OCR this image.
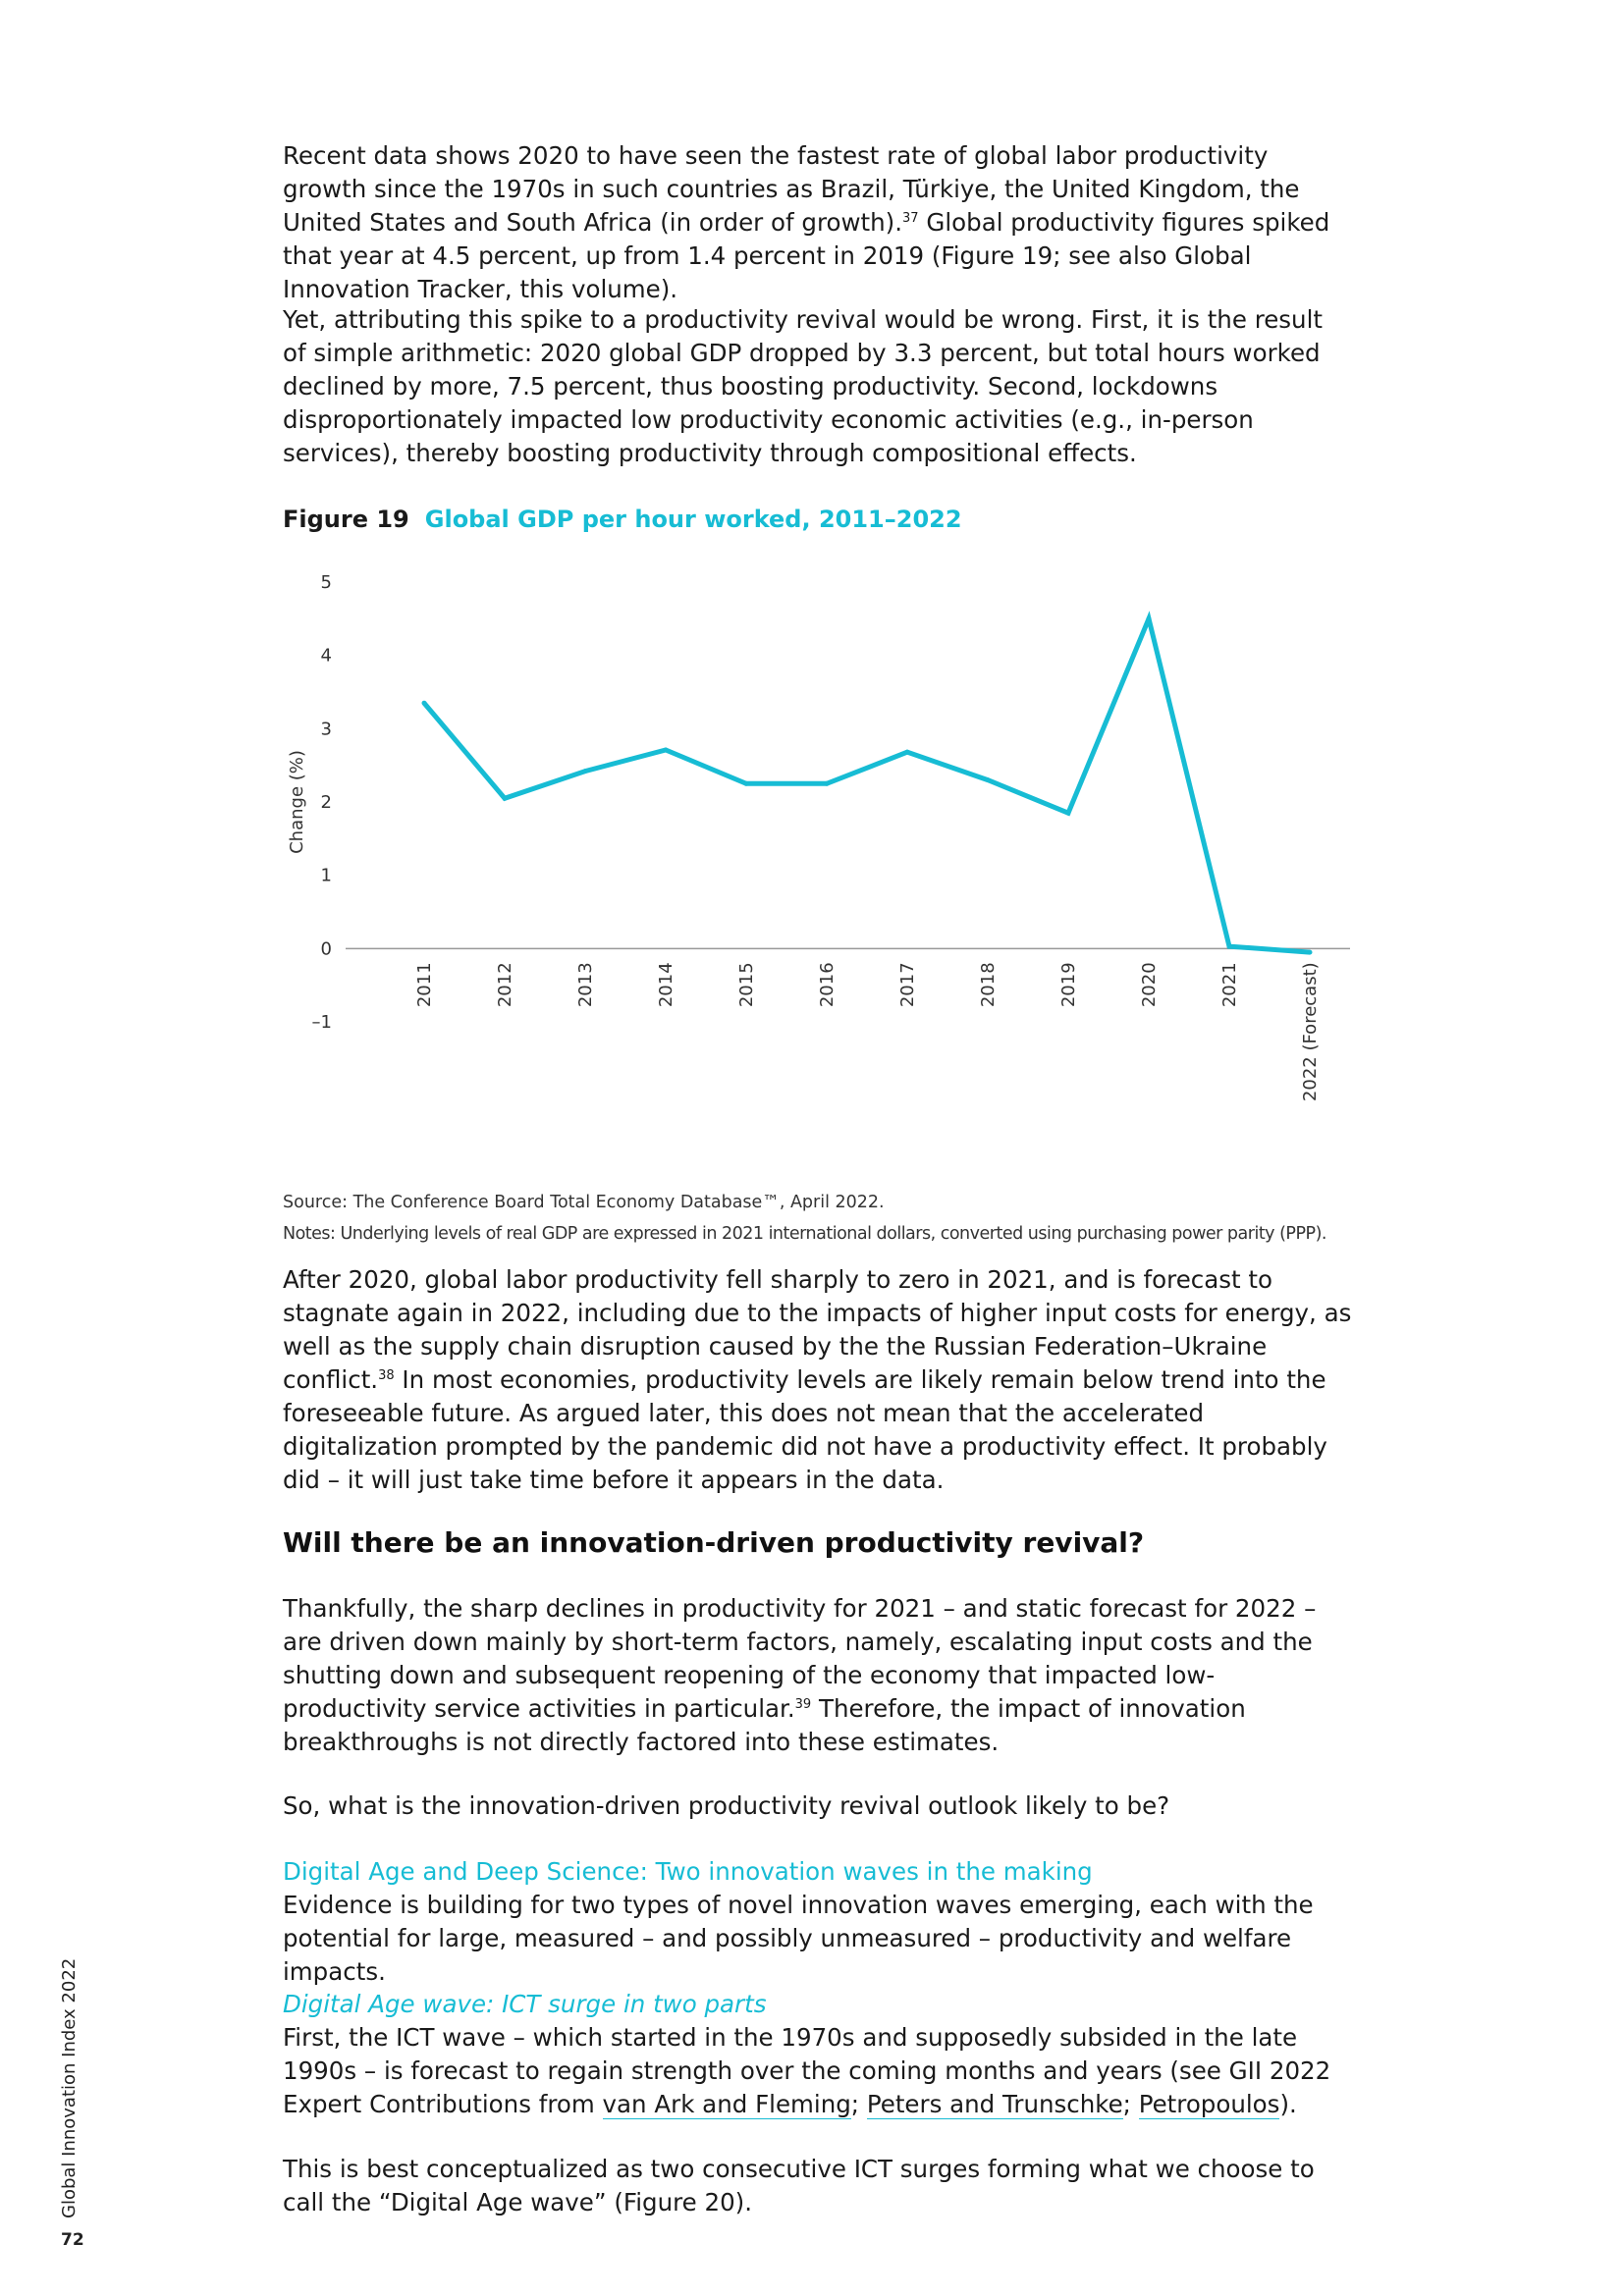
Recent data shows 2020 to have seen the fastest rate of global labor productivity growth since the 1970s in such countries as Brazil, Türkiye, the United Kingdom, the United States and South Africa (in order of growth).$^{37}$ Global productivity figures spiked that year at 4.5 percent, up from 1.4 percent in 2019 (Figure 19; see also Global Innovation Tracker, this volume).

Yet, attributing this spike to a productivity revival would be wrong. First, it is the result of simple arithmetic: 2020 global GDP dropped by 3.3 percent, but total hours worked declined by more, 7.5 percent, thus boosting productivity. Second, lockdowns disproportionately impacted low productivity economic activities (e.g., in-person services), thereby boosting productivity through compositional effects.

Figure 19 Global GDP per hour worked, 2011–2022
Change (%)
5
4
3
2
1
0
–1
2011	2012	2013	2014	2015	2016	2017	2018	2019	2020	2021	2022 (Forecast)
Source: The Conference Board Total Economy Database™, April 2022.
Notes: Underlying levels of real GDP are expressed in 2021 international dollars, converted using purchasing power parity (PPP).

After 2020, global labor productivity fell sharply to zero in 2021, and is forecast to stagnate again in 2022, including due to the impacts of higher input costs for energy, as well as the supply chain disruption caused by the the Russian Federation–Ukraine conflict.$^{38}$ In most economies, productivity levels are likely remain below trend into the foreseeable future. As argued later, this does not mean that the accelerated digitalization prompted by the pandemic did not have a productivity effect. It probably did – it will just take time before it appears in the data.

Will there be an innovation-driven productivity revival?

Thankfully, the sharp declines in productivity for 2021 – and static forecast for 2022 – are driven down mainly by short-term factors, namely, escalating input costs and the shutting down and subsequent reopening of the economy that impacted low-productivity service activities in particular.$^{39}$ Therefore, the impact of innovation breakthroughs is not directly factored into these estimates.

So, what is the innovation-driven productivity revival outlook likely to be?

Digital Age and Deep Science: Two innovation waves in the making

Evidence is building for two types of novel innovation waves emerging, each with the potential for large, measured – and possibly unmeasured – productivity and welfare impacts.

Digital Age wave: ICT surge in two parts

First, the ICT wave – which started in the 1970s and supposedly subsided in the late 1990s – is forecast to regain strength over the coming months and years (see GII 2022 Expert Contributions from van Ark and Fleming; Peters and Trunschke; Petropoulos).

This is best conceptualized as two consecutive ICT surges forming what we choose to call the “Digital Age wave” (Figure 20).

Global Innovation Index 2022
72
